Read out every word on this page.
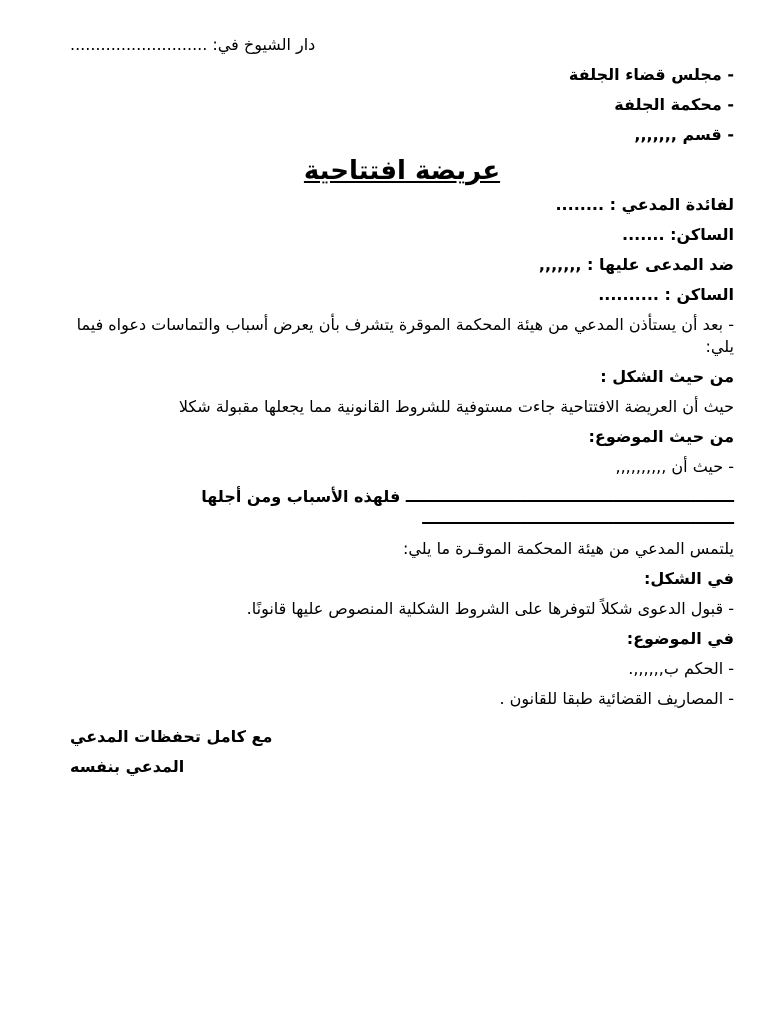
دار الشيوخ في: ...........................

- مجلس قضاء الجلفة

- محكمة الجلفة

- قسم ,,,,,,,

عريضة افتتاحية

لفائدة المدعي : ........

الساكن: .......

ضد المدعى عليها : ,,,,,,,

الساكن : ..........

- بعد أن يستأذن المدعي من هيئة المحكمة الموقرة يتشرف بأن يعرض أسباب والتماسات دعواه فيما يلي:

من حيث الشكل :

حيث أن العريضة الافتتاحية جاءت مستوفية للشروط القانونية مما يجعلها مقبولة شكلا

من حيث الموضوع:

- حيث أن ,,,,,,,,,,

ــــــــــــــــــــــــــــــــــــــــــــــــــــــــــــ فلهذه الأسباب ومن أجلها ـــــــــــــــــــــــــــــــــــــــــــــــــــــــــ

يلتمس المدعي من هيئة المحكمة الموقـرة ما يلي:

في الشكل:

- قبول الدعوى شكلاً لتوفرها على الشروط الشكلية المنصوص عليها قانونًا.

في الموضوع:

- الحكم ب,,,,,,.

- المصاريف القضائية طبقا للقانون .

مع كامل تحفظات المدعي

المدعي بنفسه
